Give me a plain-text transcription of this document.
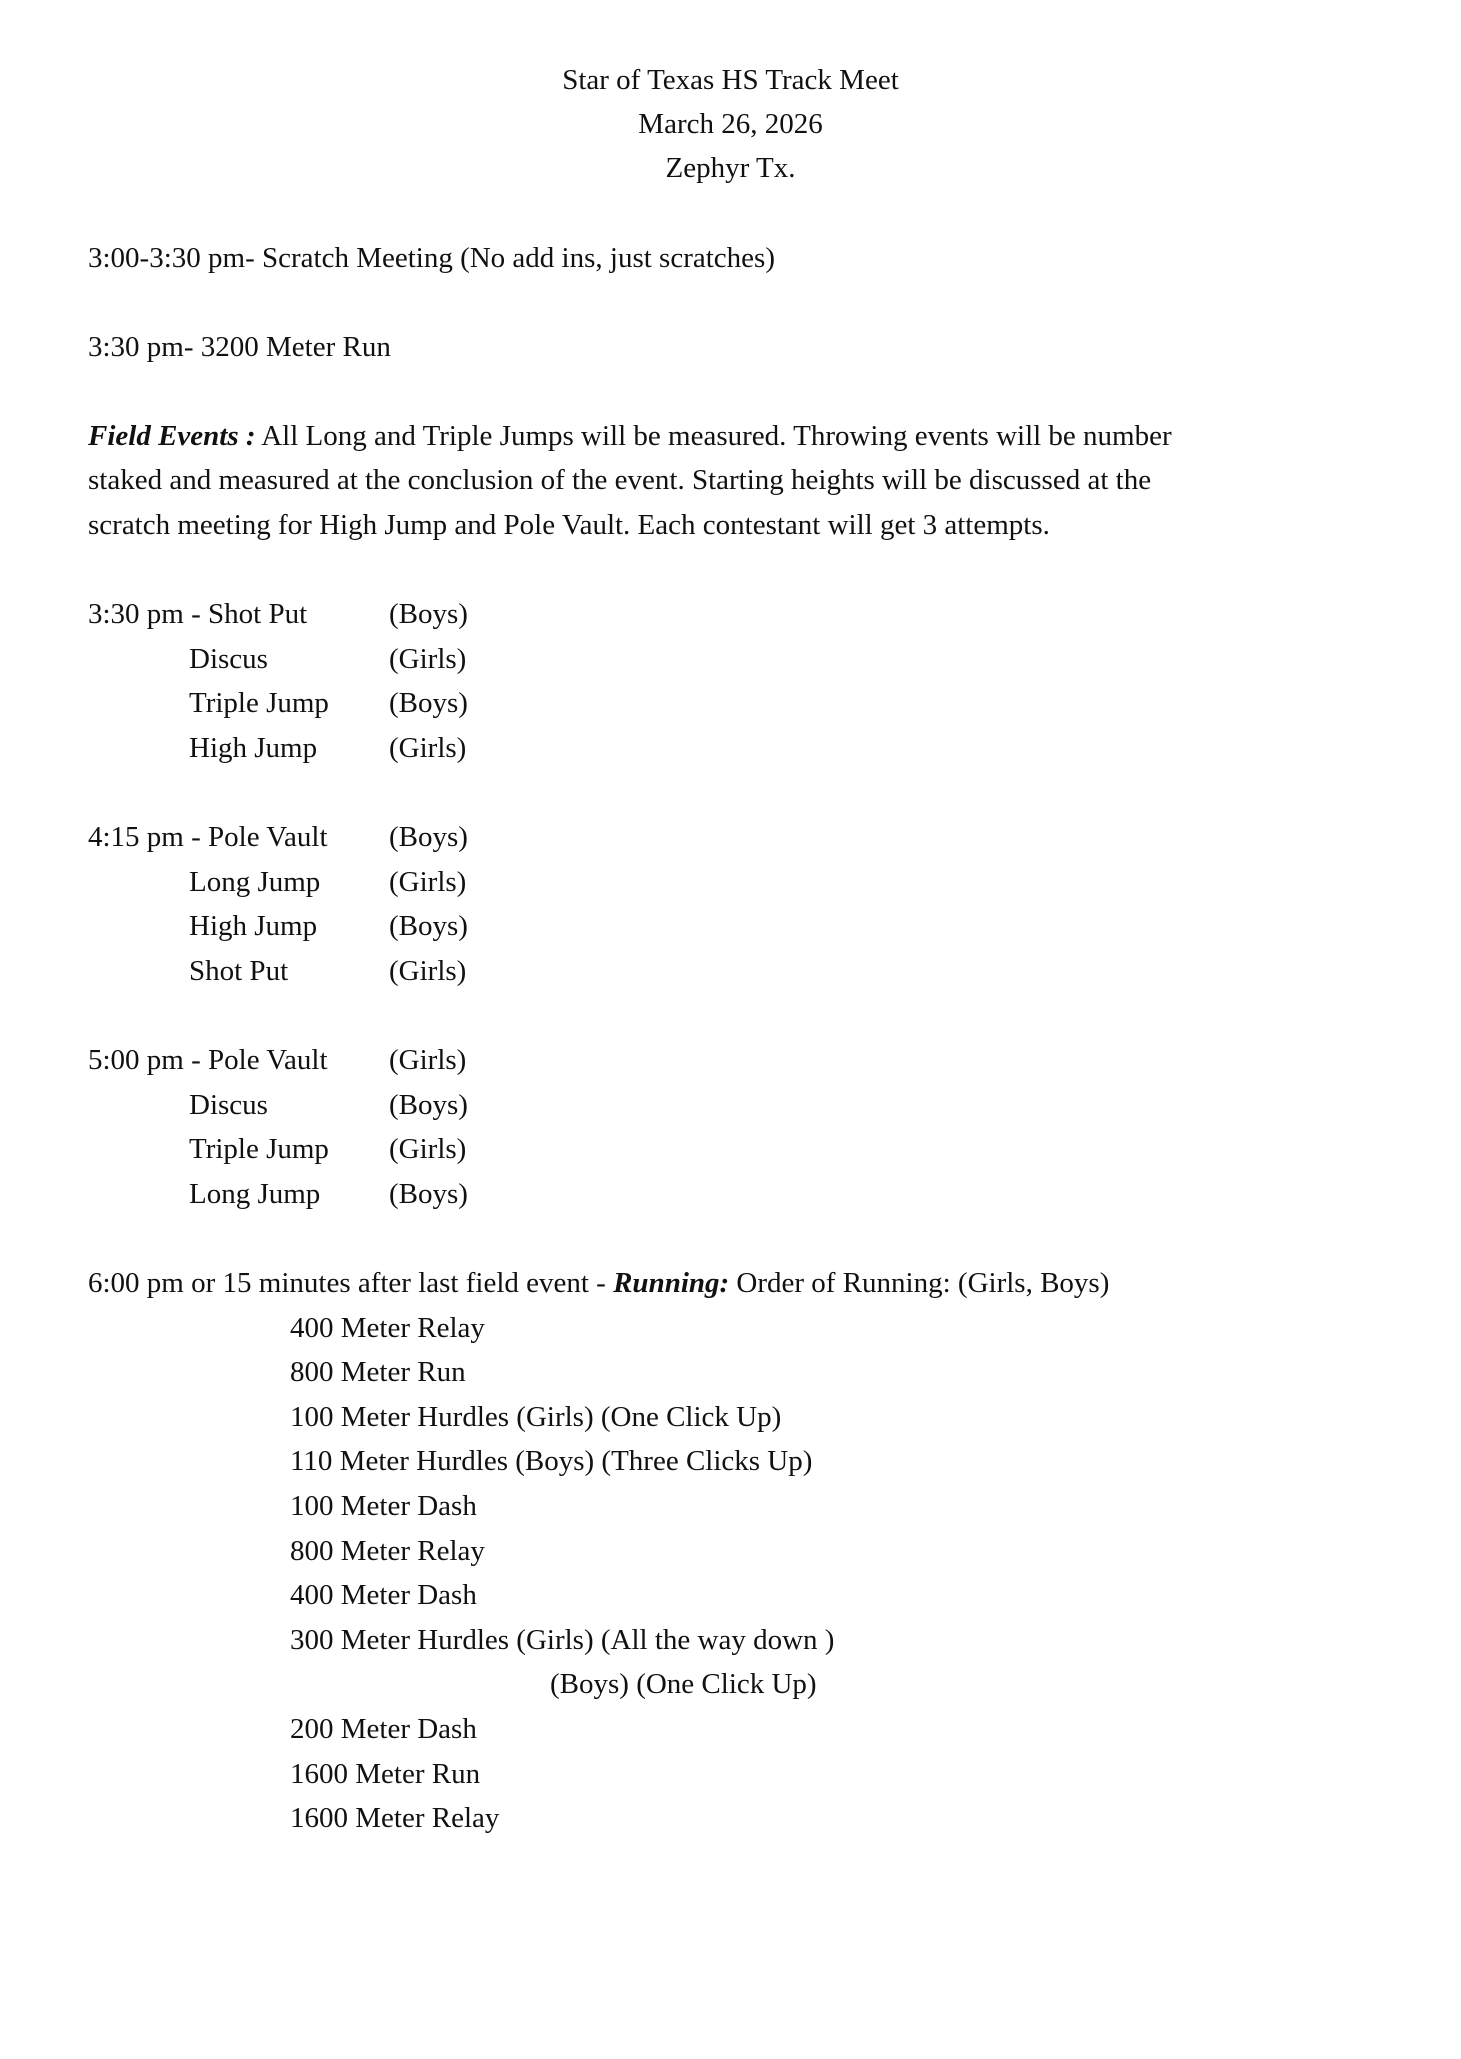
Star of Texas HS Track Meet
March 26, 2026
Zephyr Tx.
3:00-3:30 pm- Scratch Meeting (No add ins, just scratches)
3:30 pm- 3200 Meter Run
Field Events : All Long and Triple Jumps will be measured. Throwing events will be number
staked and measured at the conclusion of the event. Starting heights will be discussed at the
scratch meeting for High Jump and Pole Vault. Each contestant will get 3 attempts.
3:30 pm - Shot Put	(Boys)
Discus	(Girls)
Triple Jump (Boys)
High Jump (Girls)
4:15 pm - Pole Vault (Boys)
Long Jump (Girls)
High Jump (Boys)
Shot Put	(Girls)
5:00 pm - Pole Vault (Girls)
Discus	(Boys)
Triple Jump (Girls)
Long Jump (Boys)
6:00 pm or 15 minutes after last field event - Running: Order of Running: (Girls, Boys)
400 Meter Relay
800 Meter Run
100 Meter Hurdles (Girls) (One Click Up)
110 Meter Hurdles (Boys) (Three Clicks Up)
100 Meter Dash
800 Meter Relay
400 Meter Dash
300 Meter Hurdles (Girls) (All the way down )
(Boys) (One Click Up)
200 Meter Dash
1600 Meter Run
1600 Meter Relay
